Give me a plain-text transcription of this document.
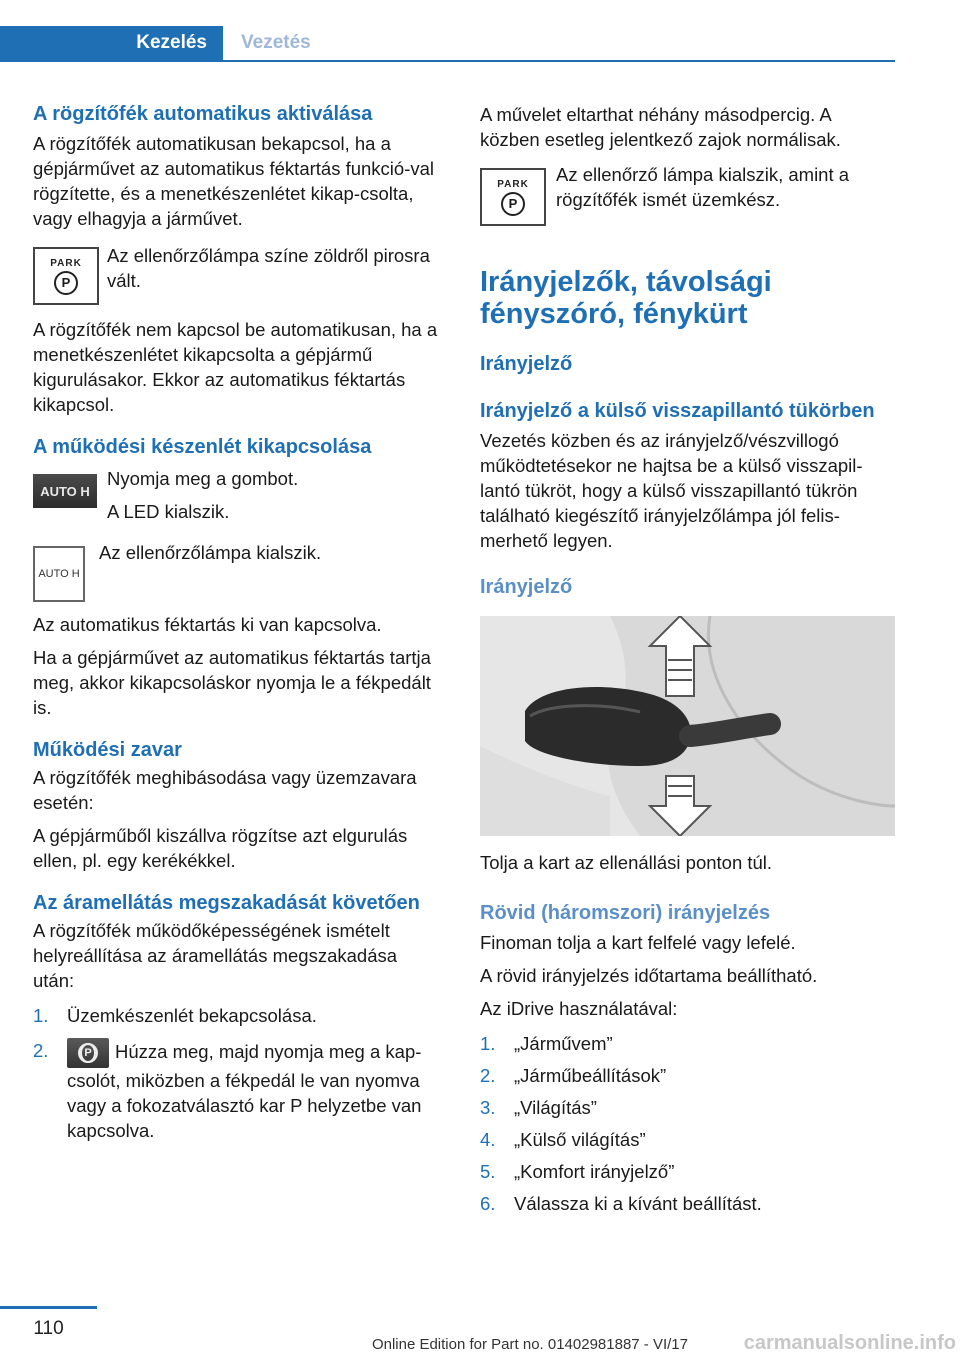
Kezelés Vezetés

A rögzítőfék automatikus aktiválása

A rögzítőfék automatikusan bekapcsol, ha a gépjárművet az automatikus féktartás funkció-val rögzítette, és a menetkészenlétet kikap-csolta, vagy elhagyja a járművet.

PARK
P
Az ellenőrzőlámpa színe zöldről pirosra vált.

A rögzítőfék nem kapcsol be automatikusan, ha a menetkészenlétet kikapcsolta a gépjármű kigurulásakor. Ekkor az automatikus féktartás kikapcsol.

A működési készenlét kikapcsolása

AUTO H
Nyomja meg a gombot.
A LED kialszik.
AUTO H
Az ellenőrzőlámpa kialszik.

Az automatikus féktartás ki van kapcsolva.

Ha a gépjárművet az automatikus féktartás tartja meg, akkor kikapcsoláskor nyomja le a fékpedált is.

Működési zavar

A rögzítőfék meghibásodása vagy üzemzavara esetén:

A gépjárműből kiszállva rögzítse azt elgurulás ellen, pl. egy kerékékkel.

Az áramellátás megszakadását követően

A rögzítőfék működőképességének ismételt helyreállítása az áramellátás megszakadása után:

1. Üzemkészenlét bekapcsolása.
2.	P Húzza meg, majd nyomja meg a kap-csolót, miközben a fékpedál le van nyomva vagy a fokozatválasztó kar P helyzetbe van kapcsolva.

A művelet eltarthat néhány másodpercig. A közben esetleg jelentkező zajok normálisak.

PARK
P
Az ellenőrző lámpa kialszik, amint a rögzítőfék ismét üzemkész.

Irányjelzők, távolsági fényszóró, fénykürt

Irányjelző

Irányjelző a külső visszapillantó tükörben

Vezetés közben és az irányjelző/vészvillogó működtetésekor ne hajtsa be a külső visszapil-lantó tükröt, hogy a külső visszapillantó tükrön található kiegészítő irányjelzőlámpa jól felis-merhető legyen.

Irányjelző

Tolja a kart az ellenállási ponton túl.

Rövid (háromszori) irányjelzés

Finoman tolja a kart felfelé vagy lefelé.

A rövid irányjelzés időtartama beállítható.

Az iDrive használatával:

1. „Járművem”
2. „Járműbeállítások”
3. „Világítás”
4. „Külső világítás”
5. „Komfort irányjelző”
6. Válassza ki a kívánt beállítást.
110
Online Edition for Part no. 01402981887 - VI/17	carmanualsonline.info
